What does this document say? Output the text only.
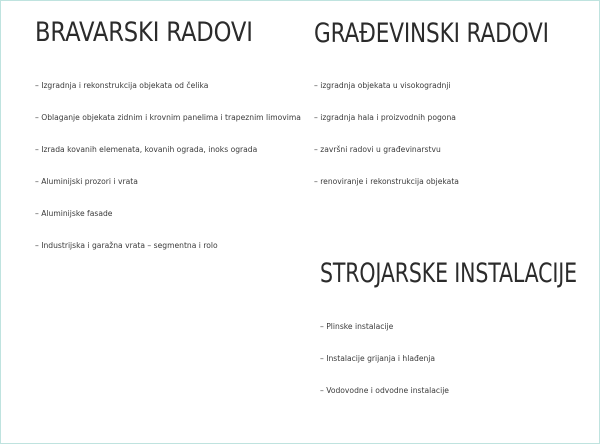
BRAVARSKI RADOVI
– Izgradnja i rekonstrukcija objekata od čelika
– Oblaganje objekata zidnim i krovnim panelima i trapeznim limovima
– Izrada kovanih elemenata, kovanih ograda, inoks ograda
– Aluminijski prozori i vrata
– Aluminijske fasade
– Industrijska i garažna vrata – segmentna i rolo
GRAĐEVINSKI RADOVI
– izgradnja objekata u visokogradnji
– izgradnja hala i proizvodnih pogona
– završni radovi u građevinarstvu
– renoviranje i rekonstrukcija objekata
STROJARSKE INSTALACIJE
– Plinske instalacije
– Instalacije grijanja i hlađenja
– Vodovodne i odvodne instalacije
